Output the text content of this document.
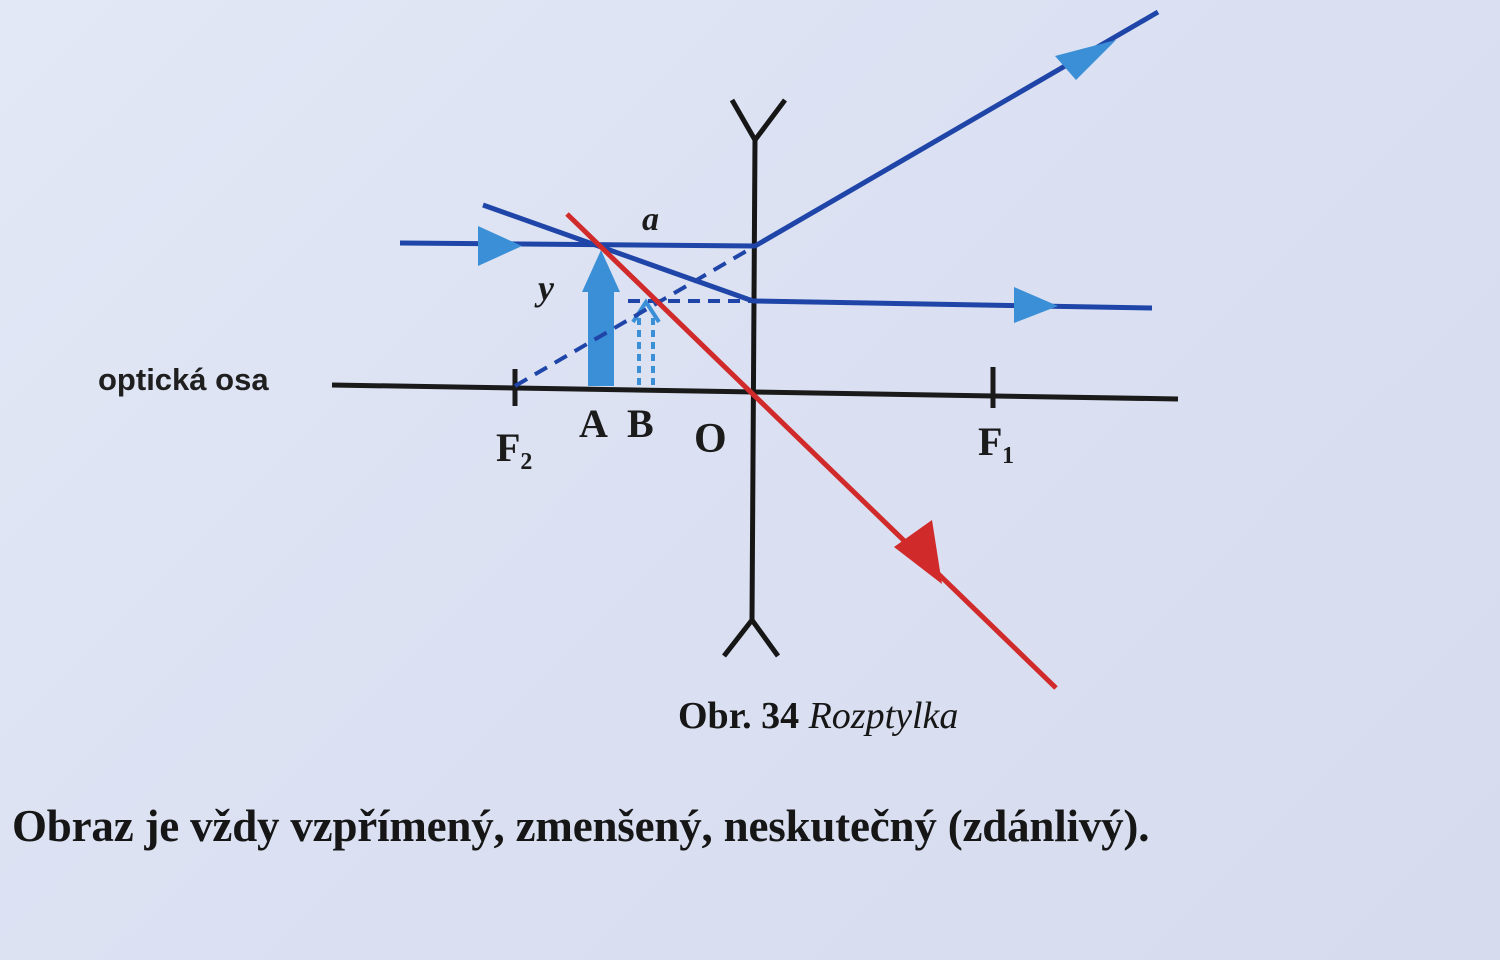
optická osa
a
y
A B O
F₂	F₁
Obr. 34 Rozptylka
Obraz je vždy vzpřímený, zmenšený, neskutečný (zdánlivý).
